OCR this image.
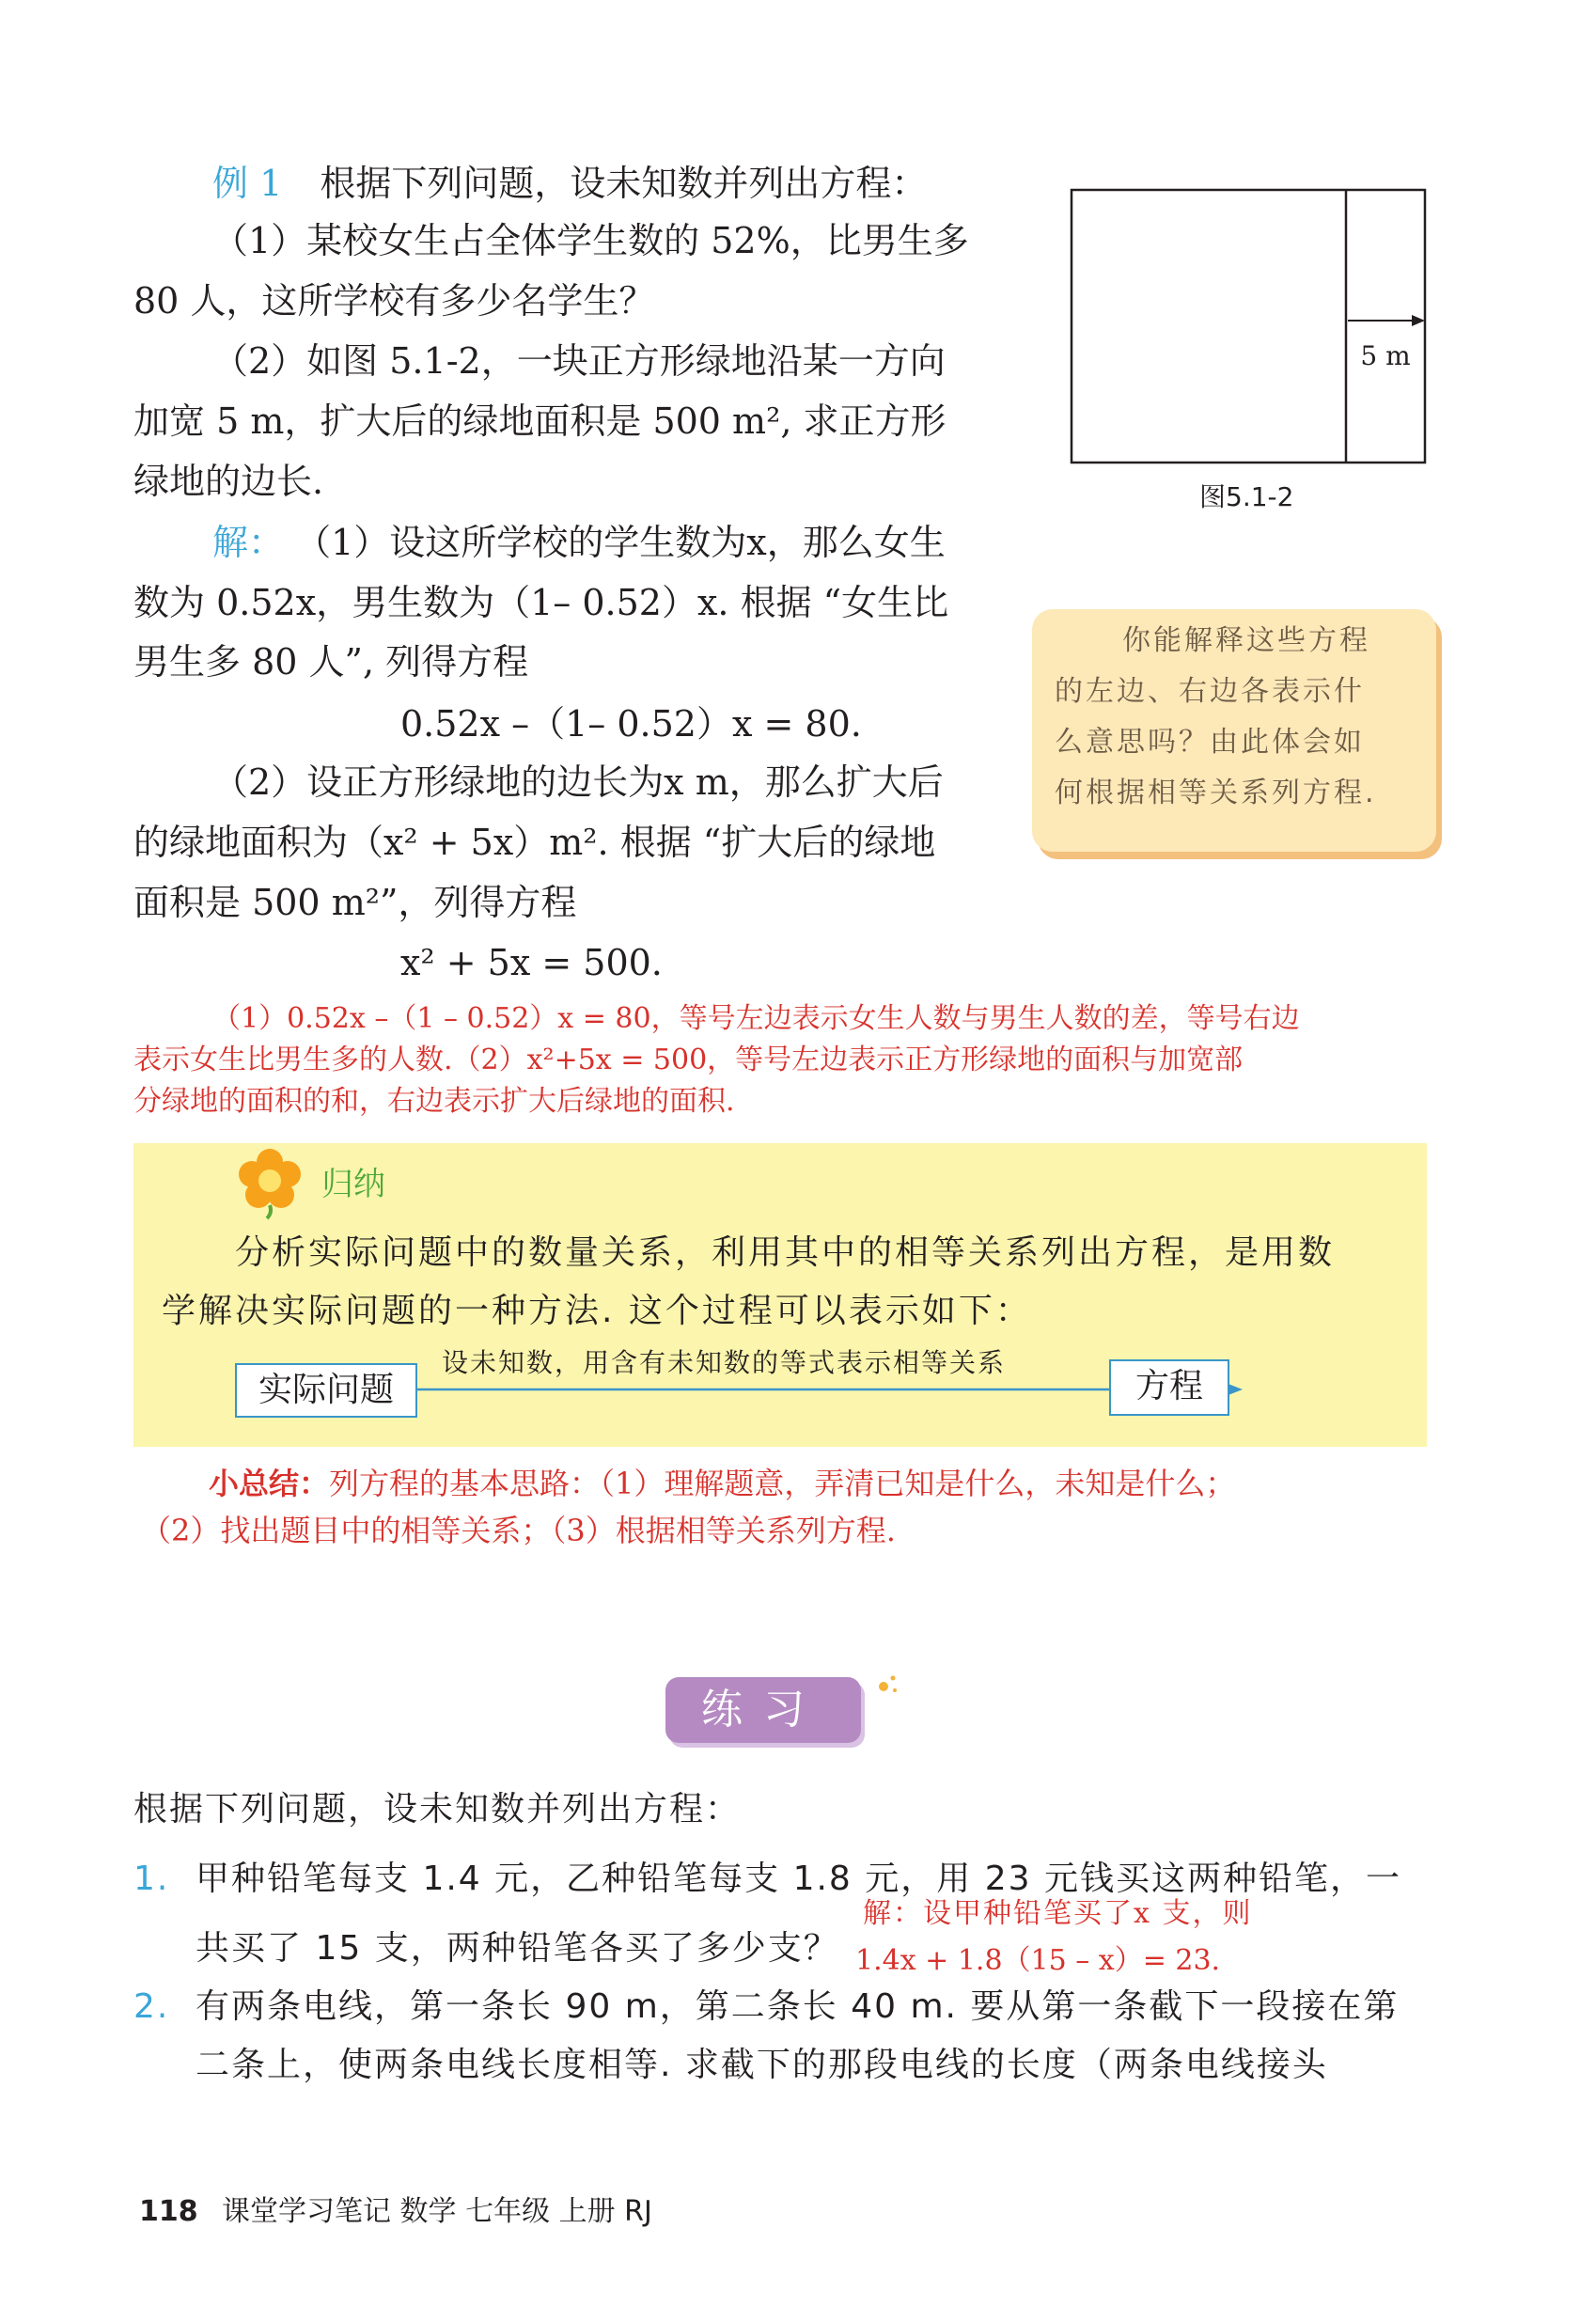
例 1 根据下列问题，设未知数并列出方程：
（1）某校女生占全体学生数的 52%，比男生多
80 人，这所学校有多少名学生？
（2）如图 5.1-2，一块正方形绿地沿某一方向
加宽 5 m，扩大后的绿地面积是 500 m², 求正方形
绿地的边长.
5 m
图5.1-2
你能解释这些方程
的左边、右边各表示什
么意思吗？由此体会如
何根据相等关系列方程.
解： （1）设这所学校的学生数为x，那么女生
数为 0.52x，男生数为（1– 0.52）x. 根据 “女生比
男生多 80 人”, 列得方程
0.52x –（1– 0.52）x = 80.
（2）设正方形绿地的边长为x m，那么扩大后
的绿地面积为（x² + 5x）m². 根据 “扩大后的绿地
面积是 500 m²”，列得方程
x² + 5x = 500.
（1）0.52x –（1 – 0.52）x = 80，等号左边表示女生人数与男生人数的差，等号右边
表示女生比男生多的人数.（2）x²+5x = 500，等号左边表示正方形绿地的面积与加宽部
分绿地的面积的和，右边表示扩大后绿地的面积.
归纳
分析实际问题中的数量关系，利用其中的相等关系列出方程，是用数
学解决实际问题的一种方法. 这个过程可以表示如下：
实际问题
设未知数，用含有未知数的等式表示相等关系
方程
小总结：列方程的基本思路：（1）理解题意，弄清已知是什么，未知是什么；
（2）找出题目中的相等关系；（3）根据相等关系列方程.
练习
根据下列问题，设未知数并列出方程：
1. 甲种铅笔每支 1.4 元，乙种铅笔每支 1.8 元，用 23 元钱买这两种铅笔，一
共买了 15 支，两种铅笔各买了多少支？
解：设甲种铅笔买了x 支，则
1.4x + 1.8（15 – x）= 23.
2. 有两条电线，第一条长 90 m，第二条长 40 m. 要从第一条截下一段接在第
二条上，使两条电线长度相等. 求截下的那段电线的长度（两条电线接头
118 课堂学习笔记 数学 七年级 上册 RJ
